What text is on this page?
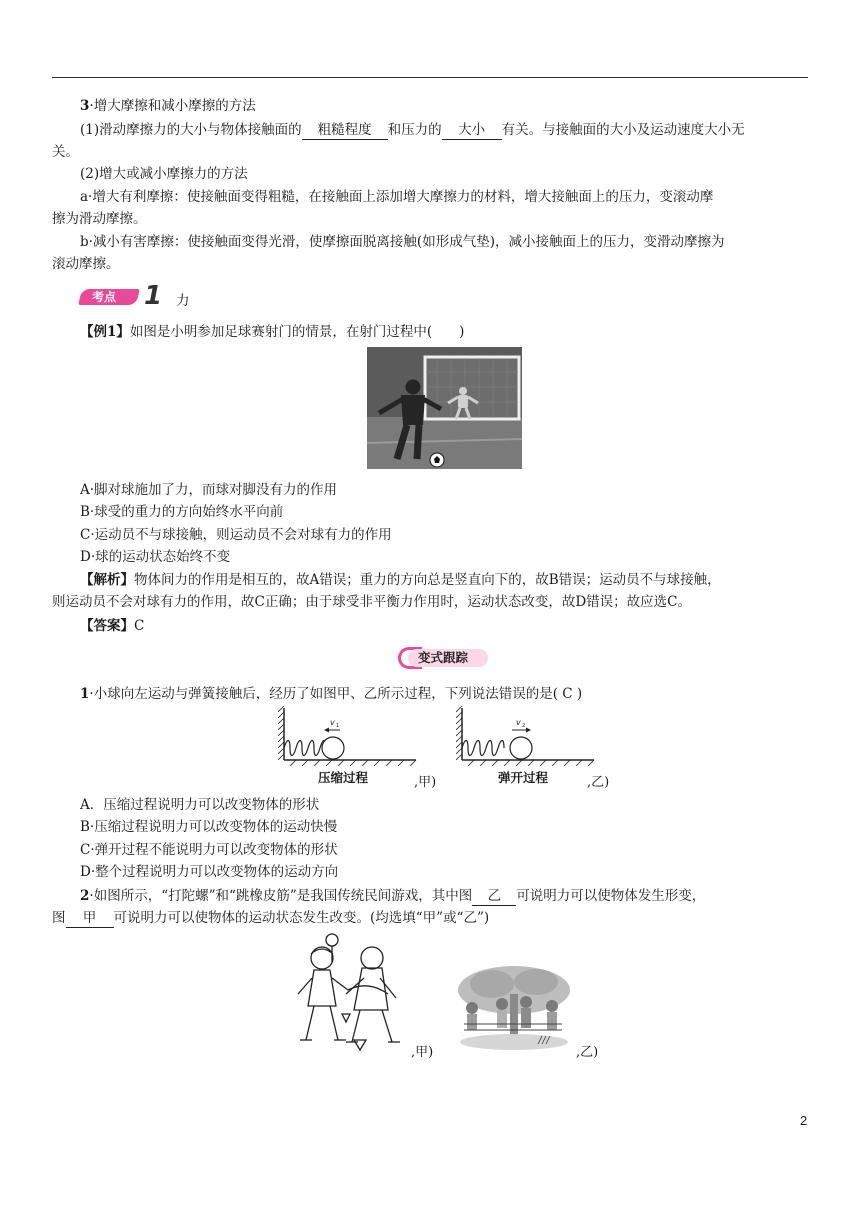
3·增大摩擦和减小摩擦的方法
(1)滑动摩擦力的大小与物体接触面的 粗糙程度 和压力的 大小 有关。与接触面的大小及运动速度大小无
关。
(2)增大或减小摩擦力的方法
a·增大有利摩擦：使接触面变得粗糙，在接触面上添加增大摩擦力的材料，增大接触面上的压力，变滚动摩
擦为滑动摩擦。
b·减小有害摩擦：使接触面变得光滑，使摩擦面脱离接触(如形成气垫)，减小接触面上的压力，变滑动摩擦为
滚动摩擦。
考点 1 力
【例1】如图是小明参加足球赛射门的情景，在射门过程中(　　)
A·脚对球施加了力，而球对脚没有力的作用
B·球受的重力的方向始终水平向前
C·运动员不与球接触，则运动员不会对球有力的作用
D·球的运动状态始终不变
【解析】物体间力的作用是相互的，故A错误；重力的方向总是竖直向下的，故B错误；运动员不与球接触，
则运动员不会对球有力的作用，故C正确；由于球受非平衡力作用时，运动状态改变，故D错误；故应选C。
【答案】C
变式跟踪
1·小球向左运动与弹簧接触后，经历了如图甲、乙所示过程，下列说法错误的是( C )
v 1
压缩过程	,甲)
v 2
弹开过程	,乙)
A．压缩过程说明力可以改变物体的形状
B·压缩过程说明力可以改变物体的运动快慢
C·弹开过程不能说明力可以改变物体的形状
D·整个过程说明力可以改变物体的运动方向
2·如图所示，“打陀螺”和“跳橡皮筋”是我国传统民间游戏，其中图 乙 可说明力可以使物体发生形变，
图 甲 可说明力可以使物体的运动状态发生改变。(均选填“甲”或“乙”)
,甲)	,乙)
2
